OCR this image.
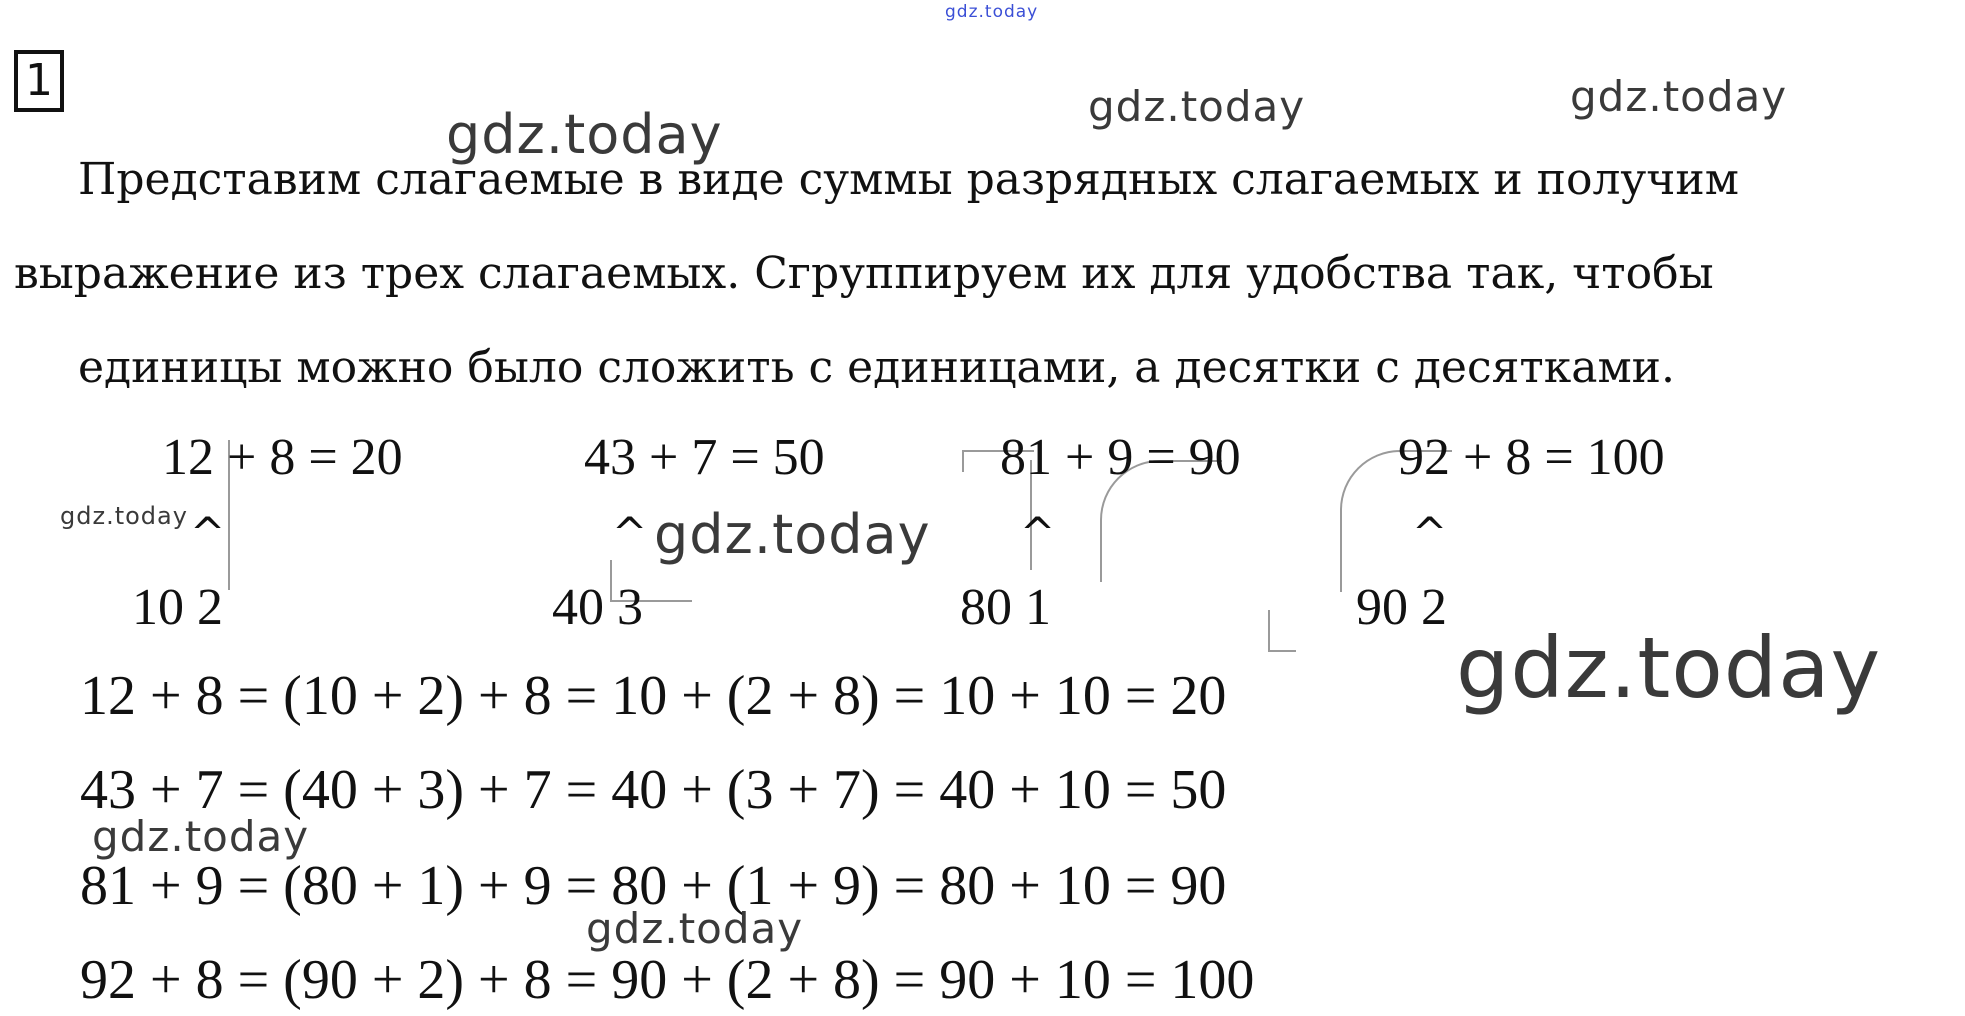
gdz.today
1
Представим слагаемые в виде суммы разрядных слагаемых и получим
выражение из трех слагаемых. Сгруппируем их для удобства так, чтобы
единицы можно было сложить с единицами, а десятки с десятками.
12 + 8 = 20
^
10 2
43 + 7 = 50
^
40 3
81 + 9 = 90
^
80 1
92 + 8 = 100
^
90 2
12 + 8 = (10 + 2) + 8 = 10 + (2 + 8) = 10 + 10 = 20
43 + 7 = (40 + 3) + 7 = 40 + (3 + 7) = 40 + 10 = 50
81 + 9 = (80 + 1) + 9 = 80 + (1 + 9) = 80 + 10 = 90
92 + 8 = (90 + 2) + 8 = 90 + (2 + 8) = 90 + 10 = 100
gdz.today	gdz.today	gdz.today
gdz.today	gdz.today
gdz.today
gdz.today
gdz.today
